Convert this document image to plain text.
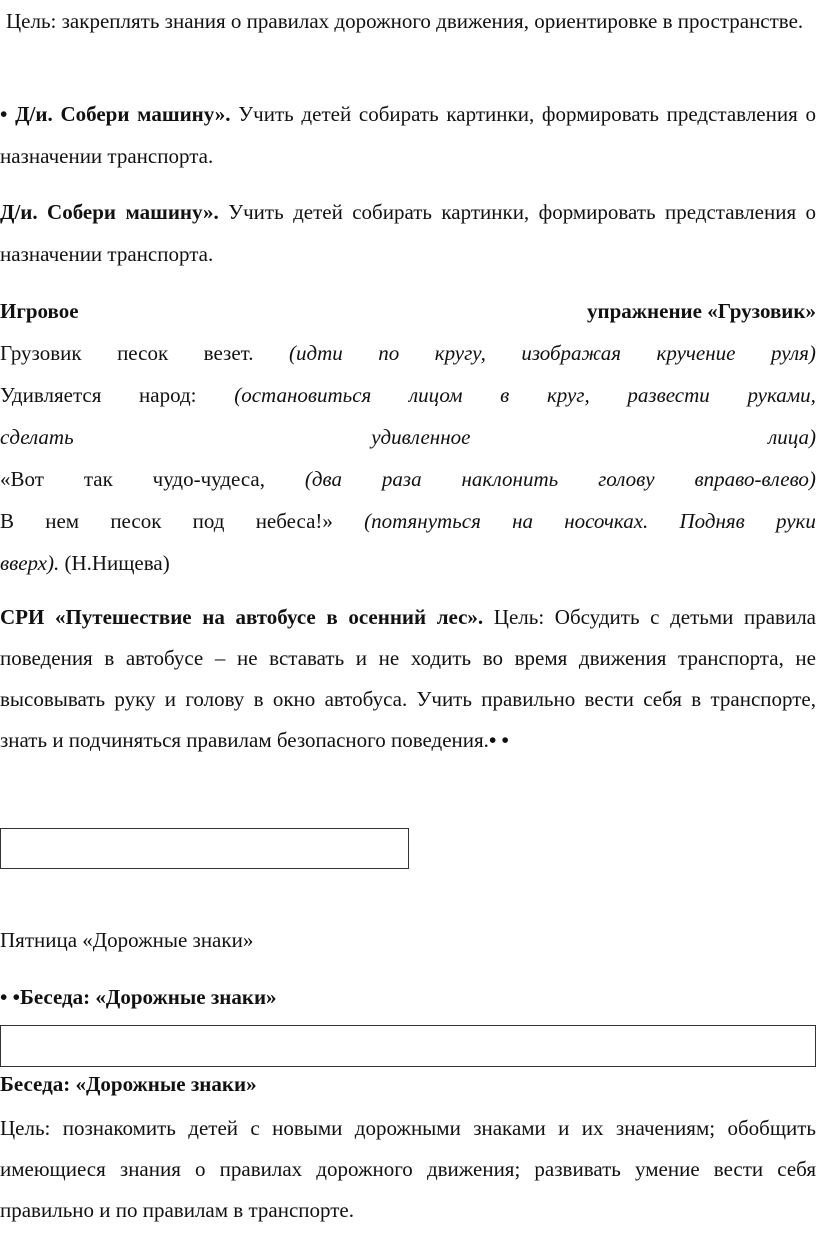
Цель: закреплять знания о правилах дорожного движения, ориентировке в пространстве.

• Д/и. Собери машину». Учить детей собирать картинки, формировать представления о назначении транспорта.

Д/и. Собери машину». Учить детей собирать картинки, формировать представления о назначении транспорта.

Игровое	упражнение «Грузовик»
Грузовик песок везет. (идти по кругу, изображая кручение руля)
Удивляется народ: (остановиться лицом в круг, развести руками,
сделать	удивленное	лица)
«Вот так чудо-чудеса, (два раза наклонить голову вправо-влево)
В нем песок под небеса!» (потянуться на носочках. Подняв руки
вверх). (Н.Нищева)

СРИ «Путешествие на автобусе в осенний лес». Цель: Обсудить с детьми правила поведения в автобусе – не вставать и не ходить во время движения транспорта, не высовывать руку и голову в окно автобуса. Учить правильно вести себя в транспорте, знать и подчиняться правилам безопасного поведения.• •

Пятница «Дорожные знаки»
• •Беседа: «Дорожные знаки»
Беседа: «Дорожные знаки»

Цель: познакомить детей с новыми дорожными знаками и их значениям; обобщить имеющиеся знания о правилах дорожного движения; развивать умение вести себя правильно и по правилам в транспорте.
